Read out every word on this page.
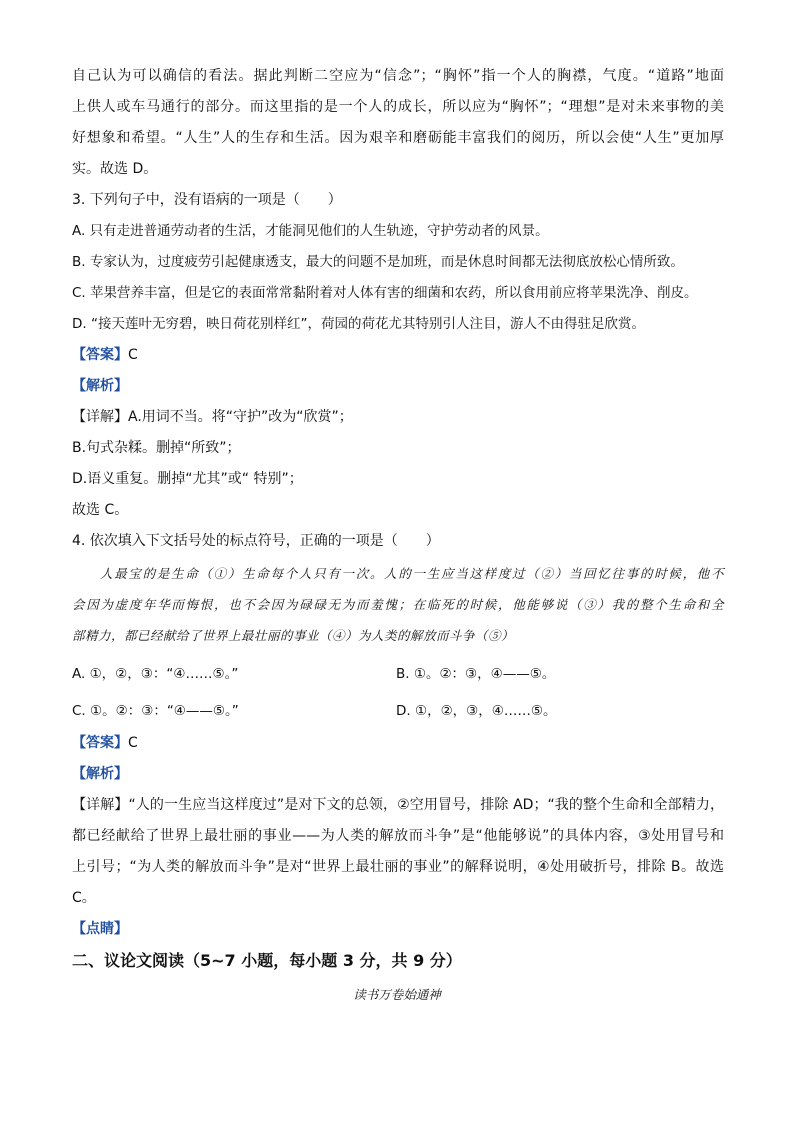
自己认为可以确信的看法。据此判断二空应为“信念”；“胸怀”指一个人的胸襟，气度。“道路”地面
上供人或车马通行的部分。而这里指的是一个人的成长，所以应为“胸怀”；“理想”是对未来事物的美
好想象和希望。“人生”人的生存和生活。因为艰辛和磨砺能丰富我们的阅历，所以会使“人生”更加厚
实。故选 D。
3. 下列句子中，没有语病的一项是（　　）
A. 只有走进普通劳动者的生活，才能洞见他们的人生轨迹，守护劳动者的风景。
B. 专家认为，过度疲劳引起健康透支，最大的问题不是加班，而是休息时间都无法彻底放松心情所致。
C. 苹果营养丰富，但是它的表面常常黏附着对人体有害的细菌和农药，所以食用前应将苹果洗净、削皮。
D. “接天莲叶无穷碧，映日荷花别样红”，荷园的荷花尤其特别引人注目，游人不由得驻足欣赏。
【答案】C
【解析】
【详解】A.用词不当。将“守护”改为“欣赏”；
B.句式杂糅。删掉“所致”；
D.语义重复。删掉“尤其”或“ 特别”；
故选 C。
4. 依次填入下文括号处的标点符号，正确的一项是（　　）
人最宝的是生命（①）生命每个人只有一次。人的一生应当这样度过（②）当回忆往事的时候，他不
会因为虚度年华而悔恨，也不会因为碌碌无为而羞愧；在临死的时候，他能够说（③）我的整个生命和全
部精力，都已经献给了世界上最壮丽的事业（④）为人类的解放而斗争（⑤）
A. ①，②，③：“④……⑤。”	B. ①。②：③，④——⑤。
C. ①。②：③：“④——⑤。”	D. ①，②，③，④……⑤。
【答案】C
【解析】
【详解】“人的一生应当这样度过”是对下文的总领，②空用冒号，排除 AD；“我的整个生命和全部精力，
都已经献给了世界上最壮丽的事业——为人类的解放而斗争”是“他能够说”的具体内容，③处用冒号和
上引号；“为人类的解放而斗争”是对“世界上最壮丽的事业”的解释说明，④处用破折号，排除 B。故选
C。
【点睛】
二、议论文阅读（5~7 小题，每小题 3 分，共 9 分）
读书万卷始通神
